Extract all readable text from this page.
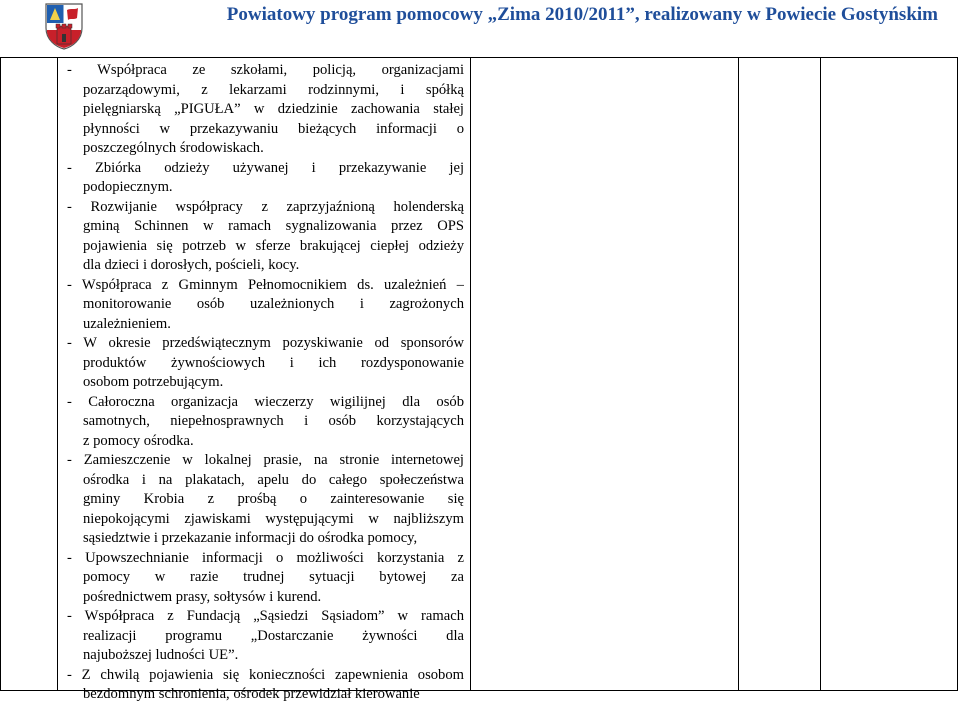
Powiatowy program pomocowy „Zima 2010/2011”, realizowany w Powiecie Gostyńskim
- Współpraca ze szkołami, policją, organizacjami
pozarządowymi, z lekarzami rodzinnymi, i spółką
pielęgniarską „PIGUŁA” w dziedzinie zachowania stałej
płynności w przekazywaniu bieżących informacji o
poszczególnych środowiskach.
- Zbiórka odzieży używanej i przekazywanie jej
podopiecznym.
- Rozwijanie współpracy z zaprzyjaźnioną holenderską
gminą Schinnen w ramach sygnalizowania przez OPS
pojawienia się potrzeb w sferze brakującej ciepłej odzieży
dla dzieci i dorosłych, pościeli, kocy.
- Współpraca z Gminnym Pełnomocnikiem ds. uzależnień –
monitorowanie osób uzależnionych i zagrożonych
uzależnieniem.
- W okresie przedświątecznym pozyskiwanie od sponsorów
produktów żywnościowych i ich rozdysponowanie
osobom potrzebującym.
- Całoroczna organizacja wieczerzy wigilijnej dla osób
samotnych, niepełnosprawnych i osób korzystających
z pomocy ośrodka.
- Zamieszczenie w lokalnej prasie, na stronie internetowej
ośrodka i na plakatach, apelu do całego społeczeństwa
gminy Krobia z prośbą o zainteresowanie się
niepokojącymi zjawiskami występującymi w najbliższym
sąsiedztwie i przekazanie informacji do ośrodka pomocy,
- Upowszechnianie informacji o możliwości korzystania z
pomocy w razie trudnej sytuacji bytowej za
pośrednictwem prasy, sołtysów i kurend.
- Współpraca z Fundacją „Sąsiedzi Sąsiadom” w ramach
realizacji programu „Dostarczanie żywności dla
najuboższej ludności UE”.
- Z chwilą pojawienia się konieczności zapewnienia osobom
bezdomnym schronienia, ośrodek przewidział kierowanie
